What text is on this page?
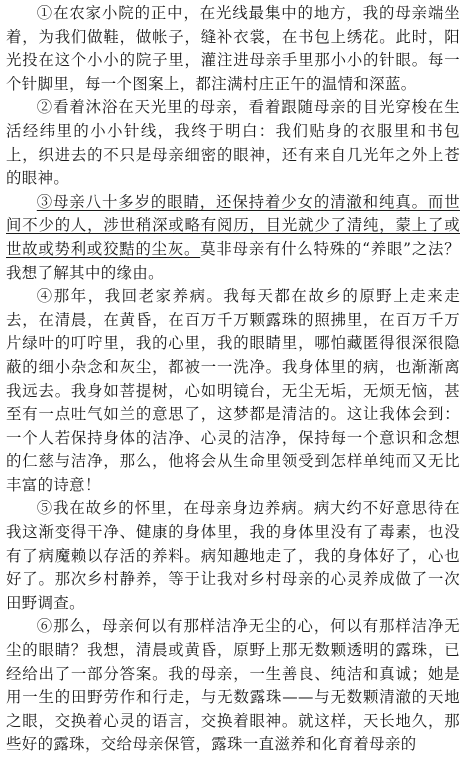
①在农家小院的正中，在光线最集中的地方，我的母亲端坐着，为我们做鞋，做帐子，缝补衣裳，在书包上绣花。此时，阳光投在这个小小的院子里，灌注进母亲手里那小小的针眼。每一个针脚里，每一个图案上，都注满村庄正午的温情和深蓝。

②看着沐浴在天光里的母亲，看着跟随母亲的目光穿梭在生活经纬里的小小针线，我终于明白：我们贴身的衣服里和书包上，织进去的不只是母亲细密的眼神，还有来自几光年之外上苍的眼神。

③母亲八十多岁的眼睛，还保持着少女的清澈和纯真。而世间不少的人，涉世稍深或略有阅历，目光就少了清纯，蒙上了或世故或势利或狡黠的尘灰。莫非母亲有什么特殊的“养眼”之法？我想了解其中的缘由。

④那年，我回老家养病。我每天都在故乡的原野上走来走去，在清晨，在黄昏，在百万千万颗露珠的照拂里，在百万千万片绿叶的叮咛里，我的心里，我的眼睛里，哪怕藏匿得很深很隐蔽的细小杂念和灰尘，都被一一洗净。我身体里的病，也渐渐离我远去。我身如菩提树，心如明镜台，无尘无垢，无烦无恼，甚至有一点吐气如兰的意思了，这梦都是清洁的。这让我体会到：一个人若保持身体的洁净、心灵的洁净，保持每一个意识和念想的仁慈与洁净，那么，他将会从生命里领受到怎样单纯而又无比丰富的诗意！

⑤我在故乡的怀里，在母亲身边养病。病大约不好意思待在我这渐变得干净、健康的身体里，我的身体里没有了毒素，也没有了病魔赖以存活的养料。病知趣地走了，我的身体好了，心也好了。那次乡村静养，等于让我对乡村母亲的心灵养成做了一次田野调查。

⑥那么，母亲何以有那样洁净无尘的心，何以有那样洁净无尘的眼睛？我想，清晨或黄昏，原野上那无数颗透明的露珠，已经给出了一部分答案。我的母亲，一生善良、纯洁和真诚；她是用一生的田野劳作和行走，与无数露珠——与无数颗清澈的天地之眼，交换着心灵的语言，交换着眼神。就这样，天长地久，那些好的露珠，交给母亲保管，露珠一直滋养和化育着母亲的
